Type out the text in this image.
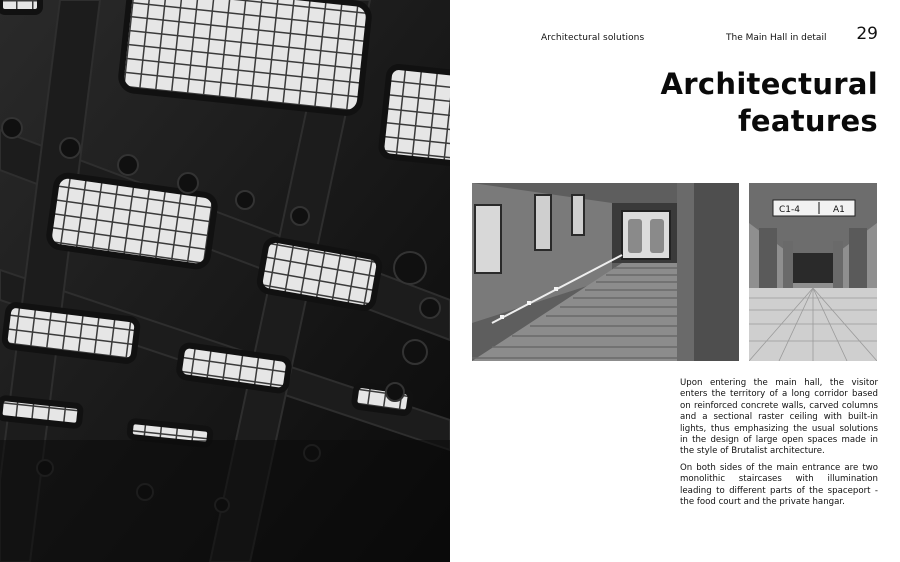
Architectural solutions	The Main Hall in detail 29
Architectural
features
C1-4	A1

Upon entering the main hall, the visitor enters the territory of a long corridor based on reinforced concrete walls, carved columns and a sectional raster ceiling with built-in lights, thus emphasizing the usual solutions in the design of large open spaces made in the style of Brutalist architecture.

On both sides of the main entrance are two monolithic staircases with illumination leading to different parts of the spaceport - the food court and the private hangar.
